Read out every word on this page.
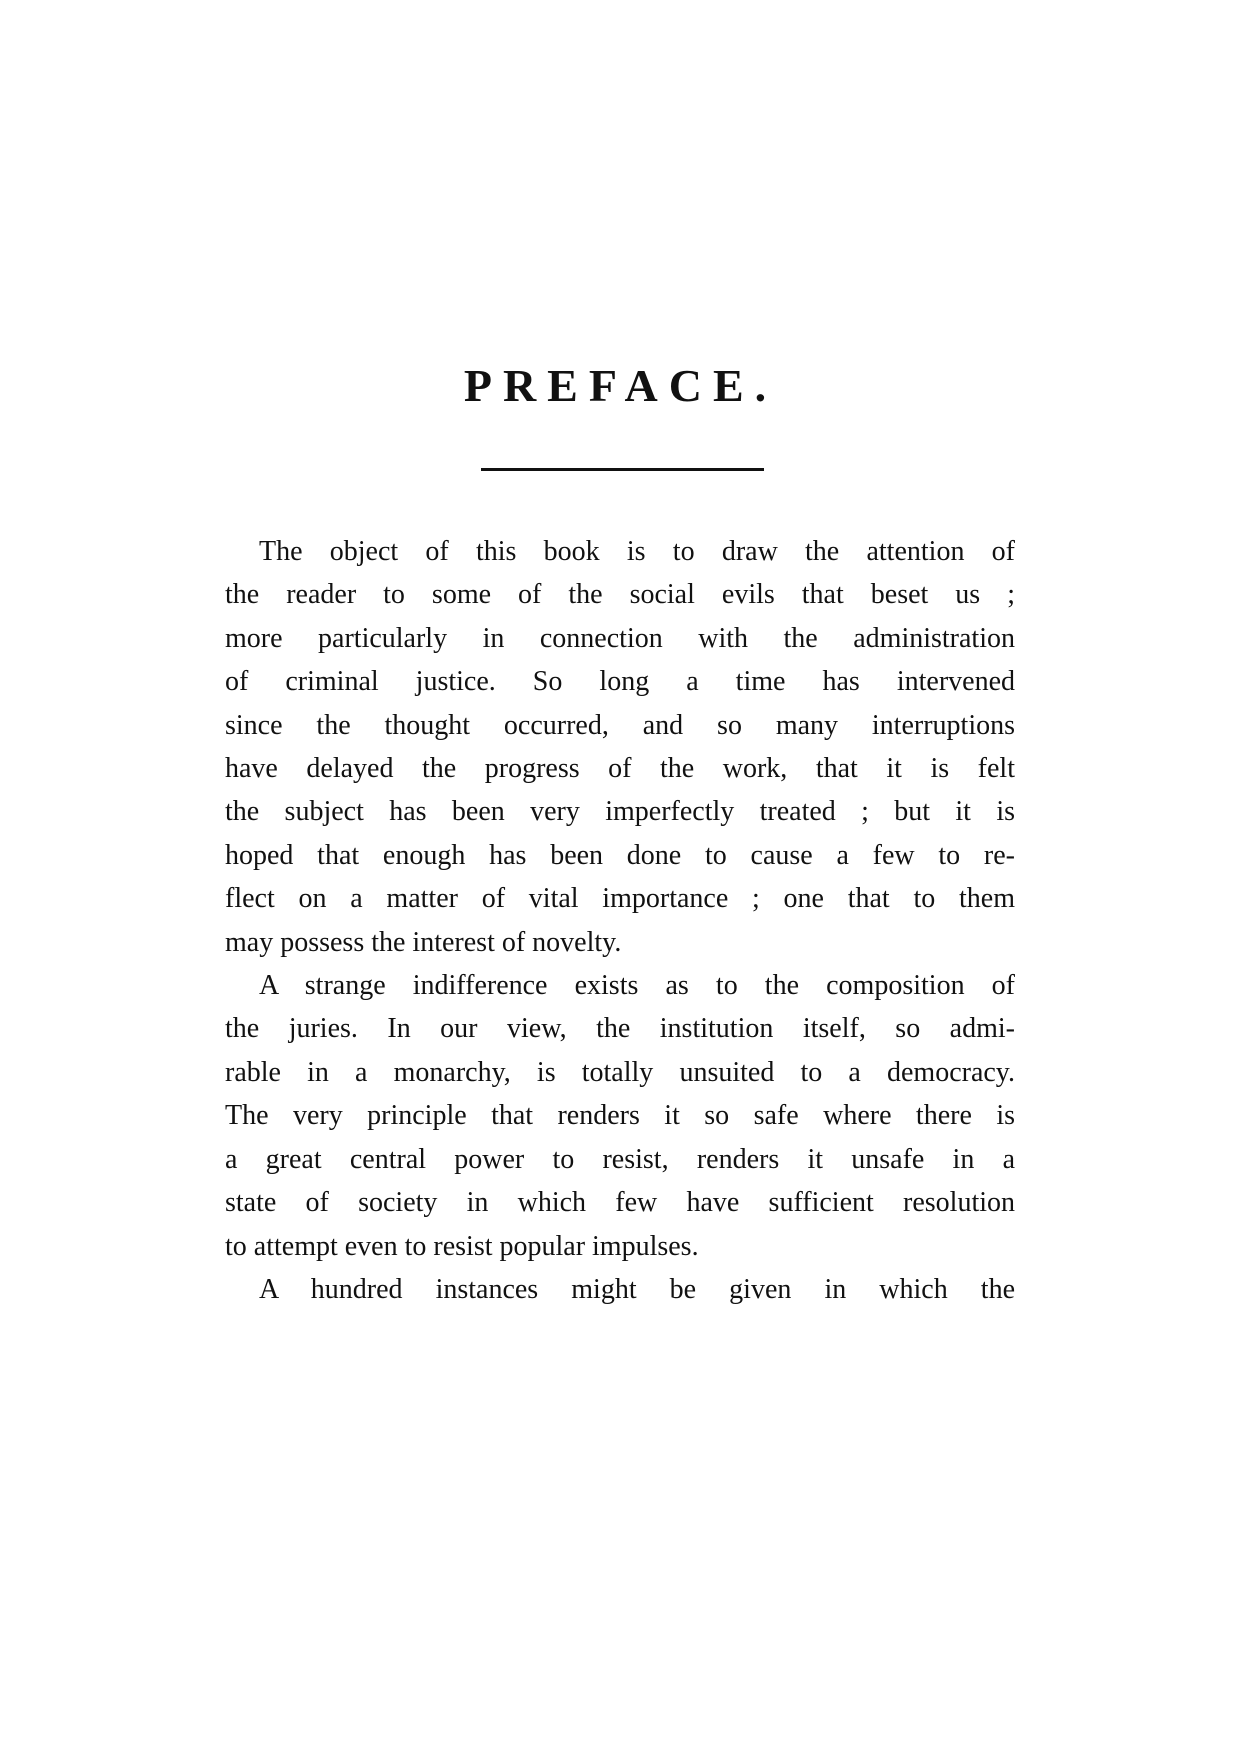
PREFACE.
The object of this book is to draw the attention of
the reader to some of the social evils that beset us ;
more particularly in connection with the administration
of criminal justice. So long a time has intervened
since the thought occurred, and so many interruptions
have delayed the progress of the work, that it is felt
the subject has been very imperfectly treated ; but it is
hoped that enough has been done to cause a few to re-
flect on a matter of vital importance ; one that to them
may possess the interest of novelty.
A strange indifference exists as to the composition of
the juries. In our view, the institution itself, so admi-
rable in a monarchy, is totally unsuited to a democracy.
The very principle that renders it so safe where there is
a great central power to resist, renders it unsafe in a
state of society in which few have sufficient resolution
to attempt even to resist popular impulses.
A hundred instances might be given in which the
